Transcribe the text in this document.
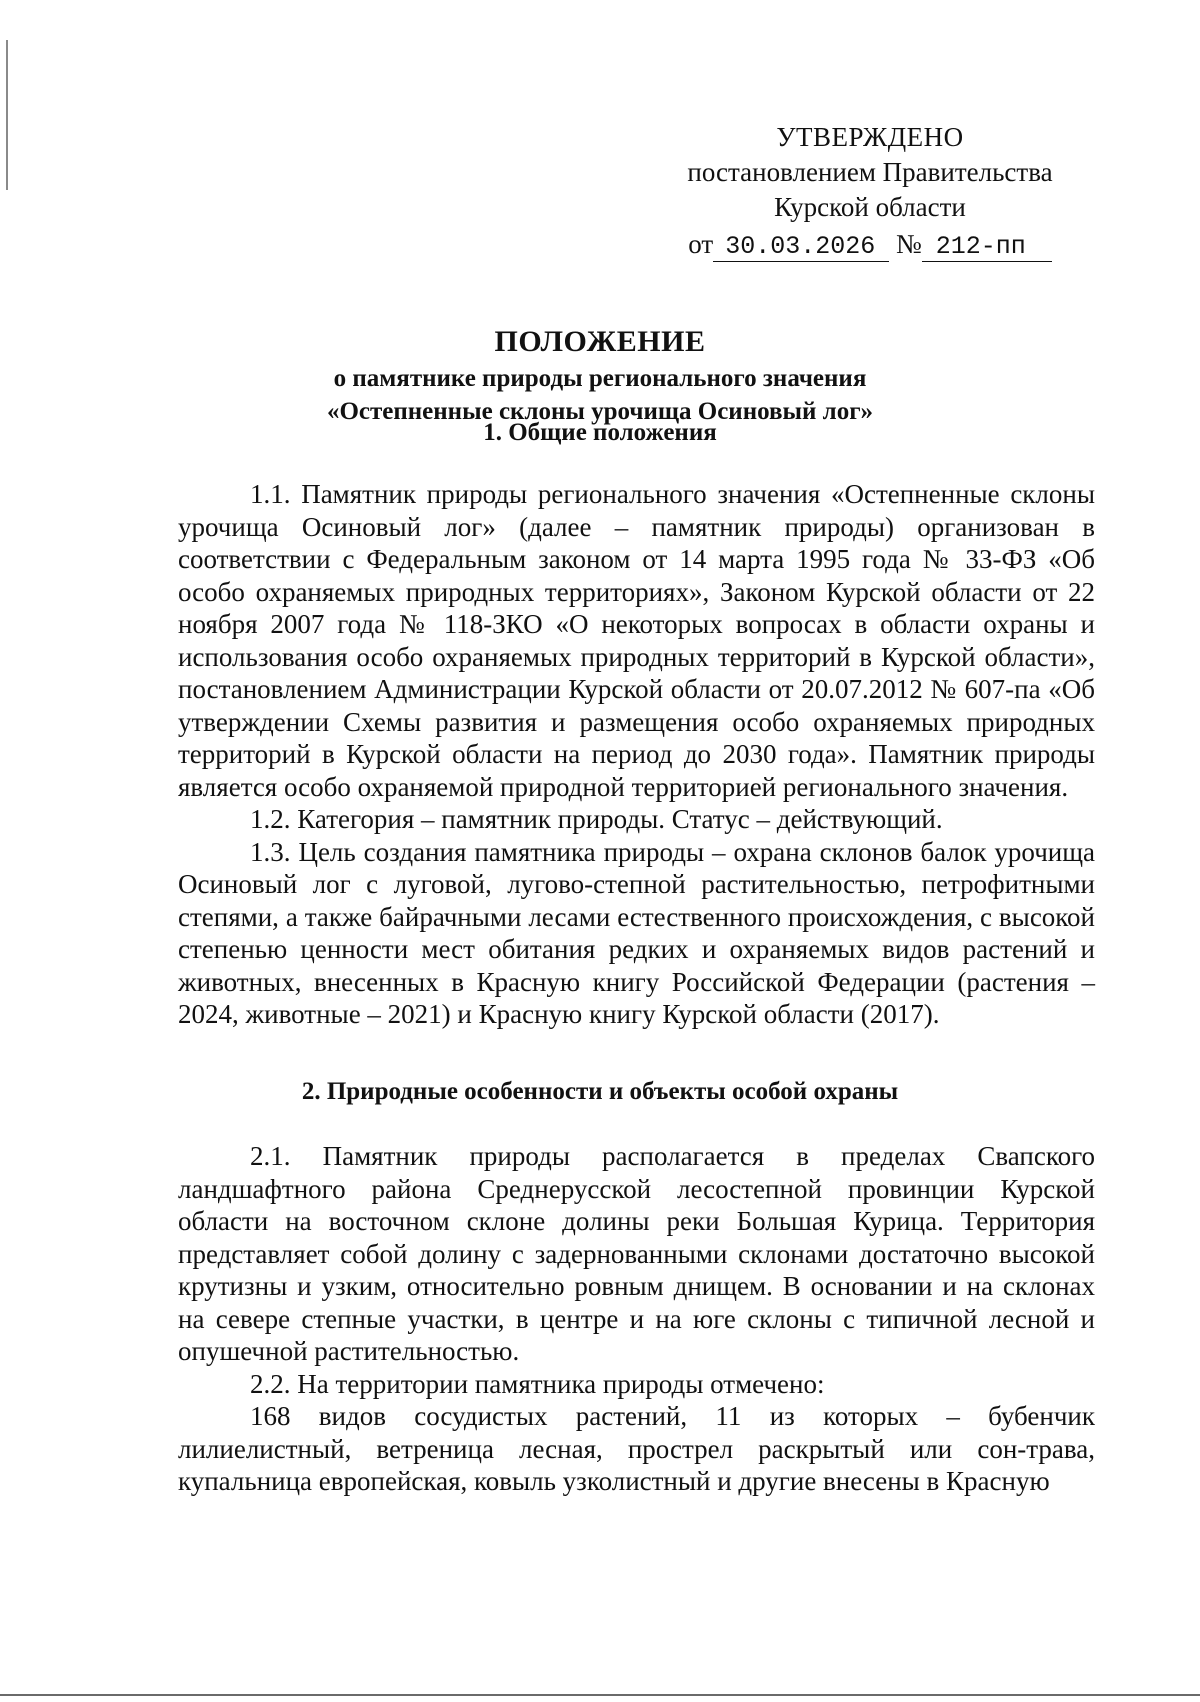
УТВЕРЖДЕНО
постановлением Правительства
Курской области
от 30.03.2026 № 212-пп
ПОЛОЖЕНИЕ
о памятнике природы регионального значения
«Остепненные склоны урочища Осиновый лог»
1. Общие положения

1.1. Памятник природы регионального значения «Остепненные склоны урочища Осиновый лог» (далее – памятник природы) организован в соответствии с Федеральным законом от 14 марта 1995 года № 33-ФЗ «Об особо охраняемых природных территориях», Законом Курской области от 22 ноября 2007 года № 118-ЗКО «О некоторых вопросах в области охраны и использования особо охраняемых природных территорий в Курской области», постановлением Администрации Курской области от 20.07.2012 № 607-па «Об утверждении Схемы развития и размещения особо охраняемых природных территорий в Курской области на период до 2030 года». Памятник природы является особо охраняемой природной территорией регионального значения.

1.2. Категория – памятник природы. Статус – действующий.

1.3. Цель создания памятника природы – охрана склонов балок урочища Осиновый лог с луговой, лугово-степной растительностью, петрофитными степями, а также байрачными лесами естественного происхождения, с высокой степенью ценности мест обитания редких и охраняемых видов растений и животных, внесенных в Красную книгу Российской Федерации (растения – 2024, животные – 2021) и Красную книгу Курской области (2017).

2. Природные особенности и объекты особой охраны

2.1. Памятник природы располагается в пределах Свапского ландшафтного района Среднерусской лесостепной провинции Курской области на восточном склоне долины реки Большая Курица. Территория представляет собой долину с задернованными склонами достаточно высокой крутизны и узким, относительно ровным днищем. В основании и на склонах на севере степные участки, в центре и на юге склоны с типичной лесной и опушечной растительностью.

2.2. На территории памятника природы отмечено:

168 видов сосудистых растений, 11 из которых – бубенчик лилиелистный, ветреница лесная, прострел раскрытый или сон-трава, купальница европейская, ковыль узколистный и другие внесены в Красную
